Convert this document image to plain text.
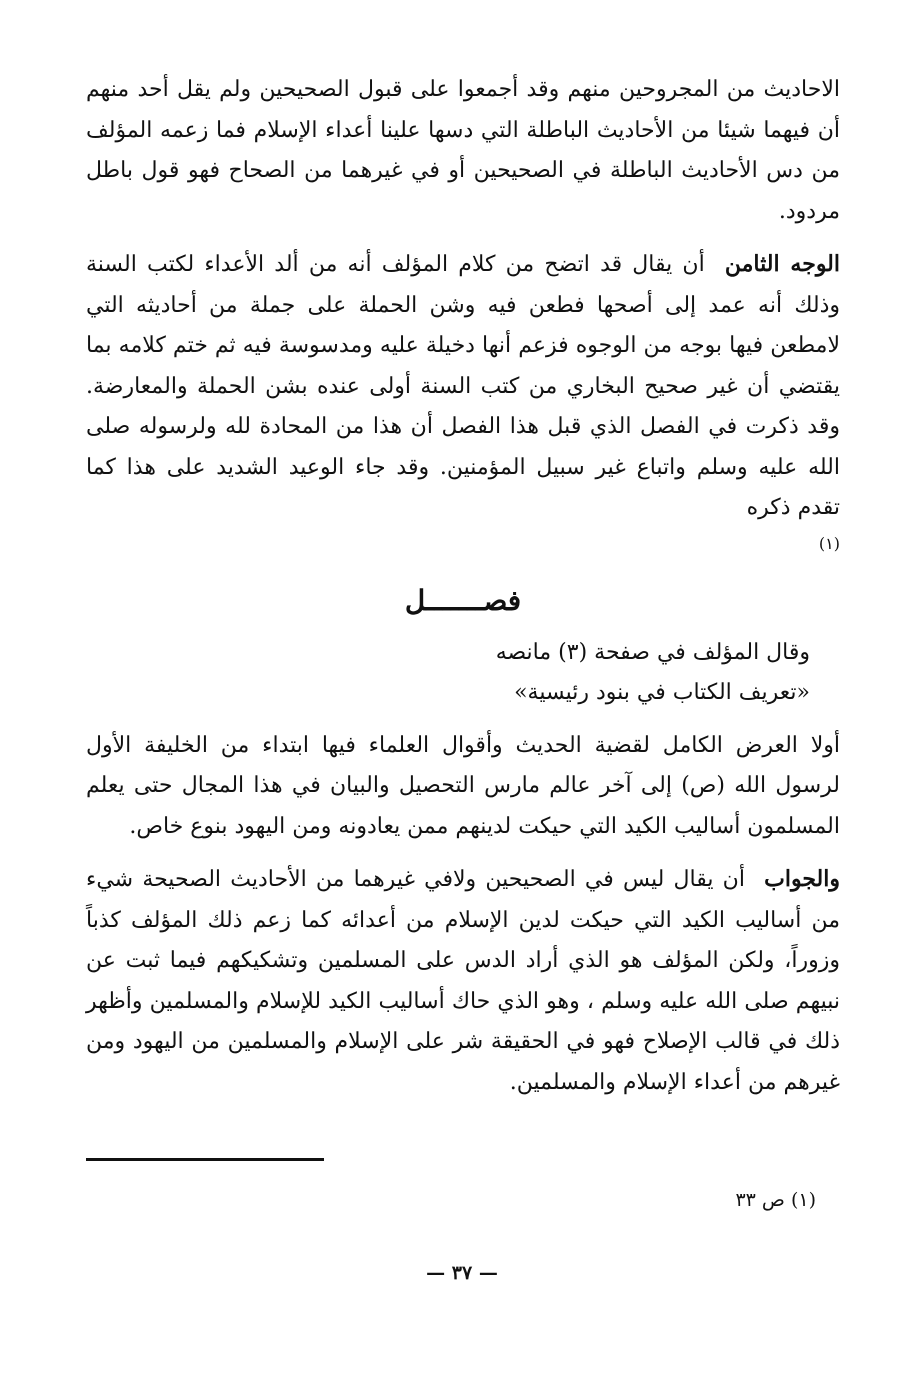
الاحاديث من المجروحين منهم وقد أجمعوا على قبول الصحيحين ولم يقل أحد منهم أن فيهما شيئا من الأحاديث الباطلة التي دسها علينا أعداء الإسلام فما زعمه المؤلف من دس الأحاديث الباطلة في الصحيحين أو في غيرهما من الصحاح فهو قول باطل مردود.

الوجه الثامن أن يقال قد اتضح من كلام المؤلف أنه من ألد الأعداء لكتب السنة وذلك أنه عمد إلى أصحها فطعن فيه وشن الحملة على جملة من أحاديثه التي لامطعن فيها بوجه من الوجوه فزعم أنها دخيلة عليه ومدسوسة فيه ثم ختم كلامه بما يقتضي أن غير صحيح البخاري من كتب السنة أولى عنده بشن الحملة والمعارضة. وقد ذكرت في الفصل الذي قبل هذا الفصل أن هذا من المحادة لله ولرسوله صلى الله عليه وسلم واتباع غير سبيل المؤمنين. وقد جاء الوعيد الشديد على هذا كما تقدم ذكره

(١)

فصـــــــل

وقال المؤلف في صفحة (٣) مانصه

«تعريف الكتاب في بنود رئيسية»

أولا العرض الكامل لقضية الحديث وأقوال العلماء فيها ابتداء من الخليفة الأول لرسول الله (ص) إلى آخر عالم مارس التحصيل والبيان في هذا المجال حتى يعلم المسلمون أساليب الكيد التي حيكت لدينهم ممن يعادونه ومن اليهود بنوع خاص.

والجواب أن يقال ليس في الصحيحين ولافي غيرهما من الأحاديث الصحيحة شيء من أساليب الكيد التي حيكت لدين الإسلام من أعدائه كما زعم ذلك المؤلف كذباً وزوراً، ولكن المؤلف هو الذي أراد الدس على المسلمين وتشكيكهم فيما ثبت عن نبيهم صلى الله عليه وسلم ، وهو الذي حاك أساليب الكيد للإسلام والمسلمين وأظهر ذلك في قالب الإصلاح فهو في الحقيقة شر على الإسلام والمسلمين من اليهود ومن غيرهم من أعداء الإسلام والمسلمين.

(١) ص ٣٣
— ٣٧ —
